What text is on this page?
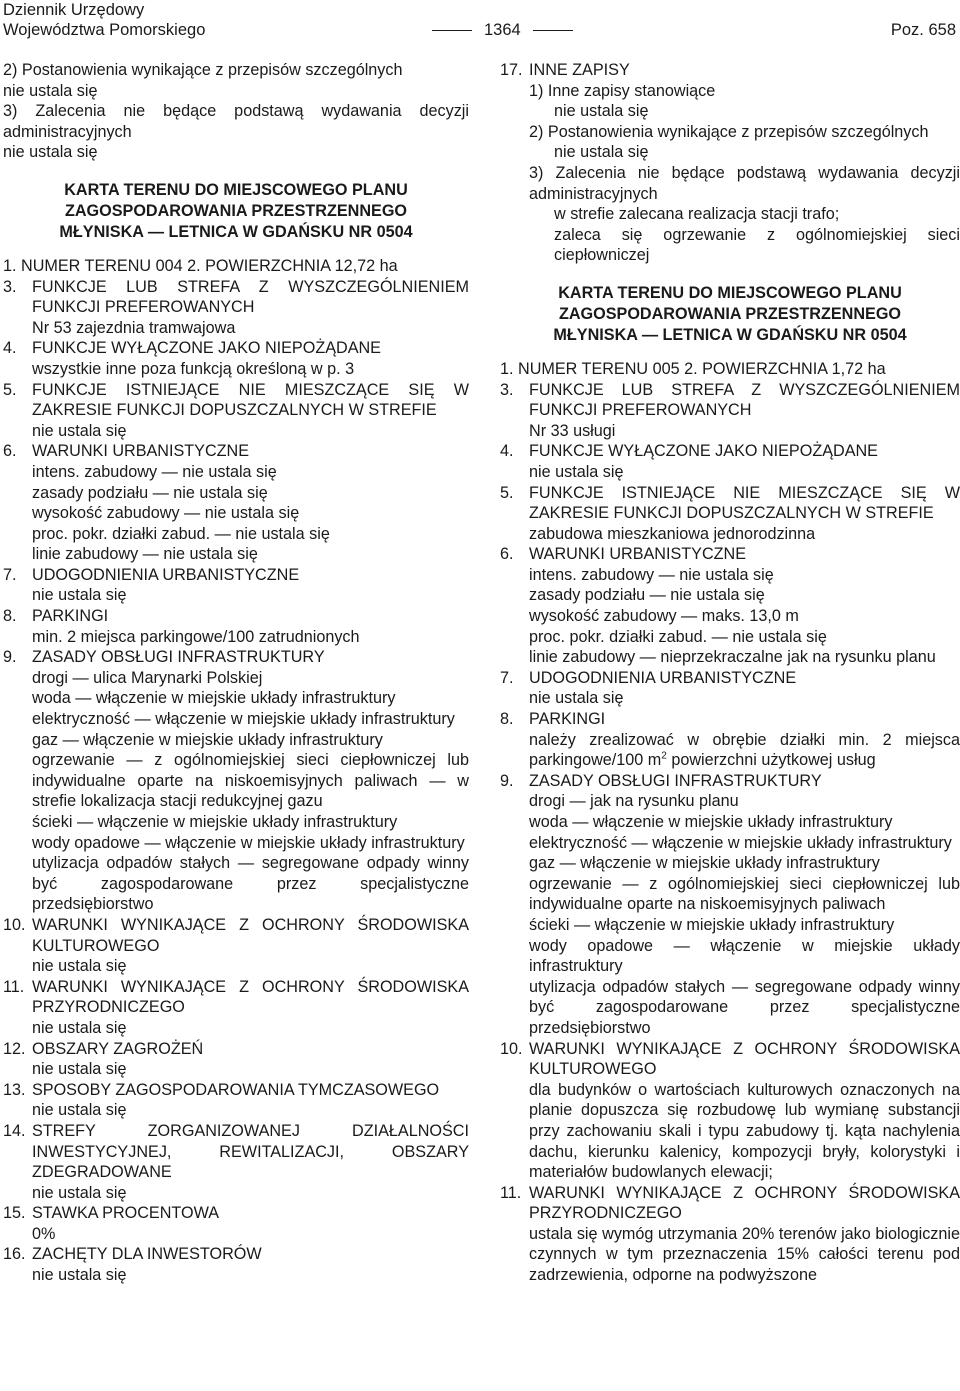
Dziennik Urzędowy
Województwa Pomorskiego	1364	Poz. 658
2) Postanowienia wynikające z przepisów szczególnych
nie ustala się
3) Zalecenia nie będące podstawą wydawania decyzji administracyjnych
nie ustala się
KARTA TERENU DO MIEJSCOWEGO PLANU
ZAGOSPODAROWANIA PRZESTRZENNEGO
MŁYNISKA — LETNICA W GDAŃSKU NR 0504
1. NUMER TERENU 004 2. POWIERZCHNIA 12,72 ha
3. FUNKCJE LUB STREFA Z WYSZCZEGÓLNIENIEM FUNKCJI PREFEROWANYCH
Nr 53 zajezdnia tramwajowa
4. FUNKCJE WYŁĄCZONE JAKO NIEPOŻĄDANE
wszystkie inne poza funkcją określoną w p. 3
5. FUNKCJE ISTNIEJĄCE NIE MIESZCZĄCE SIĘ W ZAKRESIE FUNKCJI DOPUSZCZALNYCH W STREFIE
nie ustala się
6. WARUNKI URBANISTYCZNE
intens. zabudowy — nie ustala się
zasady podziału — nie ustala się
wysokość zabudowy — nie ustala się
proc. pokr. działki zabud. — nie ustala się
linie zabudowy — nie ustala się
7. UDOGODNIENIA URBANISTYCZNE
nie ustala się
8. PARKINGI
min. 2 miejsca parkingowe/100 zatrudnionych
9. ZASADY OBSŁUGI INFRASTRUKTURY
drogi — ulica Marynarki Polskiej
woda — włączenie w miejskie układy infrastruktury
elektryczność — włączenie w miejskie układy infrastruktury
gaz — włączenie w miejskie układy infrastruktury
ogrzewanie — z ogólnomiejskiej sieci ciepłowniczej lub indywidualne oparte na niskoemisyjnych paliwach — w strefie lokalizacja stacji redukcyjnej gazu
ścieki — włączenie w miejskie układy infrastruktury
wody opadowe — włączenie w miejskie układy infrastruktury
utylizacja odpadów stałych — segregowane odpady winny być zagospodarowane przez specjalistyczne przedsiębiorstwo
10. WARUNKI WYNIKAJĄCE Z OCHRONY ŚRODOWISKA KULTUROWEGO
nie ustala się
11. WARUNKI WYNIKAJĄCE Z OCHRONY ŚRODOWISKA PRZYRODNICZEGO
nie ustala się
12. OBSZARY ZAGROŻEŃ
nie ustala się
13. SPOSOBY ZAGOSPODAROWANIA TYMCZASOWEGO
nie ustala się
14. STREFY ZORGANIZOWANEJ DZIAŁALNOŚCI INWESTYCYJNEJ, REWITALIZACJI, OBSZARY ZDEGRADOWANE
nie ustala się
15. STAWKA PROCENTOWA
0%
16. ZACHĘTY DLA INWESTORÓW
nie ustala się
17. INNE ZAPISY
1) Inne zapisy stanowiące
nie ustala się
2) Postanowienia wynikające z przepisów szczególnych
nie ustala się
3) Zalecenia nie będące podstawą wydawania decyzji administracyjnych
w strefie zalecana realizacja stacji trafo;
zaleca się ogrzewanie z ogólnomiejskiej sieci ciepłowniczej
KARTA TERENU DO MIEJSCOWEGO PLANU
ZAGOSPODAROWANIA PRZESTRZENNEGO
MŁYNISKA — LETNICA W GDAŃSKU NR 0504
1. NUMER TERENU 005 2. POWIERZCHNIA 1,72 ha
3. FUNKCJE LUB STREFA Z WYSZCZEGÓLNIENIEM FUNKCJI PREFEROWANYCH
Nr 33 usługi
4. FUNKCJE WYŁĄCZONE JAKO NIEPOŻĄDANE
nie ustala się
5. FUNKCJE ISTNIEJĄCE NIE MIESZCZĄCE SIĘ W ZAKRESIE FUNKCJI DOPUSZCZALNYCH W STREFIE
zabudowa mieszkaniowa jednorodzinna
6. WARUNKI URBANISTYCZNE
intens. zabudowy — nie ustala się
zasady podziału — nie ustala się
wysokość zabudowy — maks. 13,0 m
proc. pokr. działki zabud. — nie ustala się
linie zabudowy — nieprzekraczalne jak na rysunku planu
7. UDOGODNIENIA URBANISTYCZNE
nie ustala się
8. PARKINGI
należy zrealizować w obrębie działki min. 2 miejsca parkingowe/100 $m^2$ powierzchni użytkowej usług
9. ZASADY OBSŁUGI INFRASTRUKTURY
drogi — jak na rysunku planu
woda — włączenie w miejskie układy infrastruktury
elektryczność — włączenie w miejskie układy infrastruktury
gaz — włączenie w miejskie układy infrastruktury
ogrzewanie — z ogólnomiejskiej sieci ciepłowniczej lub indywidualne oparte na niskoemisyjnych paliwach
ścieki — włączenie w miejskie układy infrastruktury
wody opadowe — włączenie w miejskie układy infrastruktury
utylizacja odpadów stałych — segregowane odpady winny być zagospodarowane przez specjalistyczne przedsiębiorstwo
10. WARUNKI WYNIKAJĄCE Z OCHRONY ŚRODOWISKA KULTUROWEGO
dla budynków o wartościach kulturowych oznaczonych na planie dopuszcza się rozbudowę lub wymianę substancji przy zachowaniu skali i typu zabudowy tj. kąta nachylenia dachu, kierunku kalenicy, kompozycji bryły, kolorystyki i materiałów budowlanych elewacji;
11. WARUNKI WYNIKAJĄCE Z OCHRONY ŚRODOWISKA PRZYRODNICZEGO
ustala się wymóg utrzymania 20% terenów jako biologicznie czynnych w tym przeznaczenia 15% całości terenu pod zadrzewienia, odporne na podwyższone
